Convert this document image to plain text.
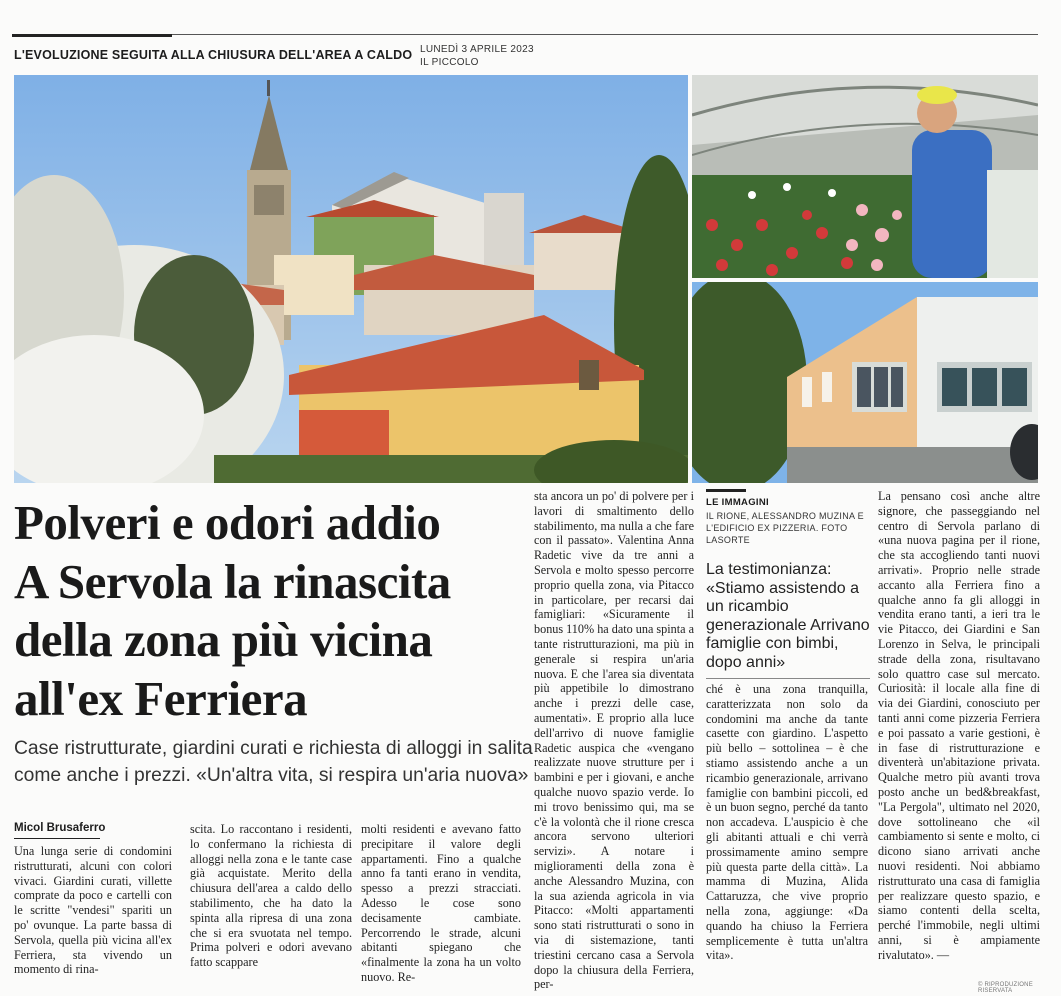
L'EVOLUZIONE SEGUITA ALLA CHIUSURA DELL'AREA A CALDO LUNEDÌ 3 APRILE 2023
IL PICCOLO
Polveri e odori addio
A Servola la rinascita
della zona più vicina
all'ex Ferriera
Case ristrutturate, giardini curati e richiesta di alloggi in salita come anche i prezzi. «Un'altra vita, si respira un'aria nuova»
Micol Brusaferro

Una lunga serie di condomini ristrutturati, alcuni con colori vivaci. Giardini curati, villette comprate da poco e cartelli con le scritte "vendesi" spariti un po' ovunque. La parte bassa di Servola, quella più vicina all'ex Ferriera, sta vivendo un momento di rina-

scita. Lo raccontano i residenti, lo confermano la richiesta di alloggi nella zona e le tante case già acquistate. Merito della chiusura dell'area a caldo dello stabilimento, che ha dato la spinta alla ripresa di una zona che si era svuotata nel tempo. Prima polveri e odori avevano fatto scappare

molti residenti e avevano fatto precipitare il valore degli appartamenti. Fino a qualche anno fa tanti erano in vendita, spesso a prezzi stracciati. Adesso le cose sono decisamente cambiate. Percorrendo le strade, alcuni abitanti spiegano che «finalmente la zona ha un volto nuovo. Re-

sta ancora un po' di polvere per i lavori di smaltimento dello stabilimento, ma nulla a che fare con il passato». Valentina Anna Radetic vive da tre anni a Servola e molto spesso percorre proprio quella zona, via Pitacco in particolare, per recarsi dai famigliari: «Sicuramente il bonus 110% ha dato una spinta a tante ristrutturazioni, ma più in generale si respira un'aria nuova. E che l'area sia diventata più appetibile lo dimostrano anche i prezzi delle case, aumentati». E proprio alla luce dell'arrivo di nuove famiglie Radetic auspica che «vengano realizzate nuove strutture per i bambini e per i giovani, e anche qualche nuovo spazio verde. Io mi trovo benissimo qui, ma se c'è la volontà che il rione cresca ancora servono ulteriori servizi». A notare i miglioramenti della zona è anche Alessandro Muzina, con la sua azienda agricola in via Pitacco: «Molti appartamenti sono stati ristrutturati o sono in via di sistemazione, tanti triestini cercano casa a Servola dopo la chiusura della Ferriera, per-

ché è una zona tranquilla, caratterizzata non solo da condomini ma anche da tante casette con giardino. L'aspetto più bello – sottolinea – è che stiamo assistendo anche a un ricambio generazionale, arrivano famiglie con bambini piccoli, ed è un buon segno, perché da tanto non accadeva. L'auspicio è che gli abitanti attuali e chi verrà prossimamente amino sempre più questa parte della città». La mamma di Muzina, Alida Cattaruzza, che vive proprio nella zona, aggiunge: «Da quando ha chiuso la Ferriera semplicemente è tutta un'altra vita».

La pensano così anche altre signore, che passeggiando nel centro di Servola parlano di «una nuova pagina per il rione, che sta accogliendo tanti nuovi arrivati». Proprio nelle strade accanto alla Ferriera fino a qualche anno fa gli alloggi in vendita erano tanti, a ieri tra le vie Pitacco, dei Giardini e San Lorenzo in Selva, le principali strade della zona, risultavano solo quattro case sul mercato. Curiosità: il locale alla fine di via dei Giardini, conosciuto per tanti anni come pizzeria Ferriera e poi passato a varie gestioni, è in fase di ristrutturazione e diventerà un'abitazione privata. Qualche metro più avanti trova posto anche un bed&breakfast, "La Pergola", ultimato nel 2020, dove sottolineano che «il cambiamento si sente e molto, ci dicono siano arrivati anche nuovi residenti. Noi abbiamo ristrutturato una casa di famiglia per realizzare questo spazio, e siamo contenti della scelta, perché l'immobile, negli ultimi anni, si è ampiamente rivalutato». —

LE IMMAGINI
IL RIONE, ALESSANDRO MUZINA E L'EDIFICIO EX PIZZERIA. FOTO LASORTE
La testimonianza: «Stiamo assistendo a un ricambio generazionale Arrivano famiglie con bimbi, dopo anni»
© RIPRODUZIONE RISERVATA
